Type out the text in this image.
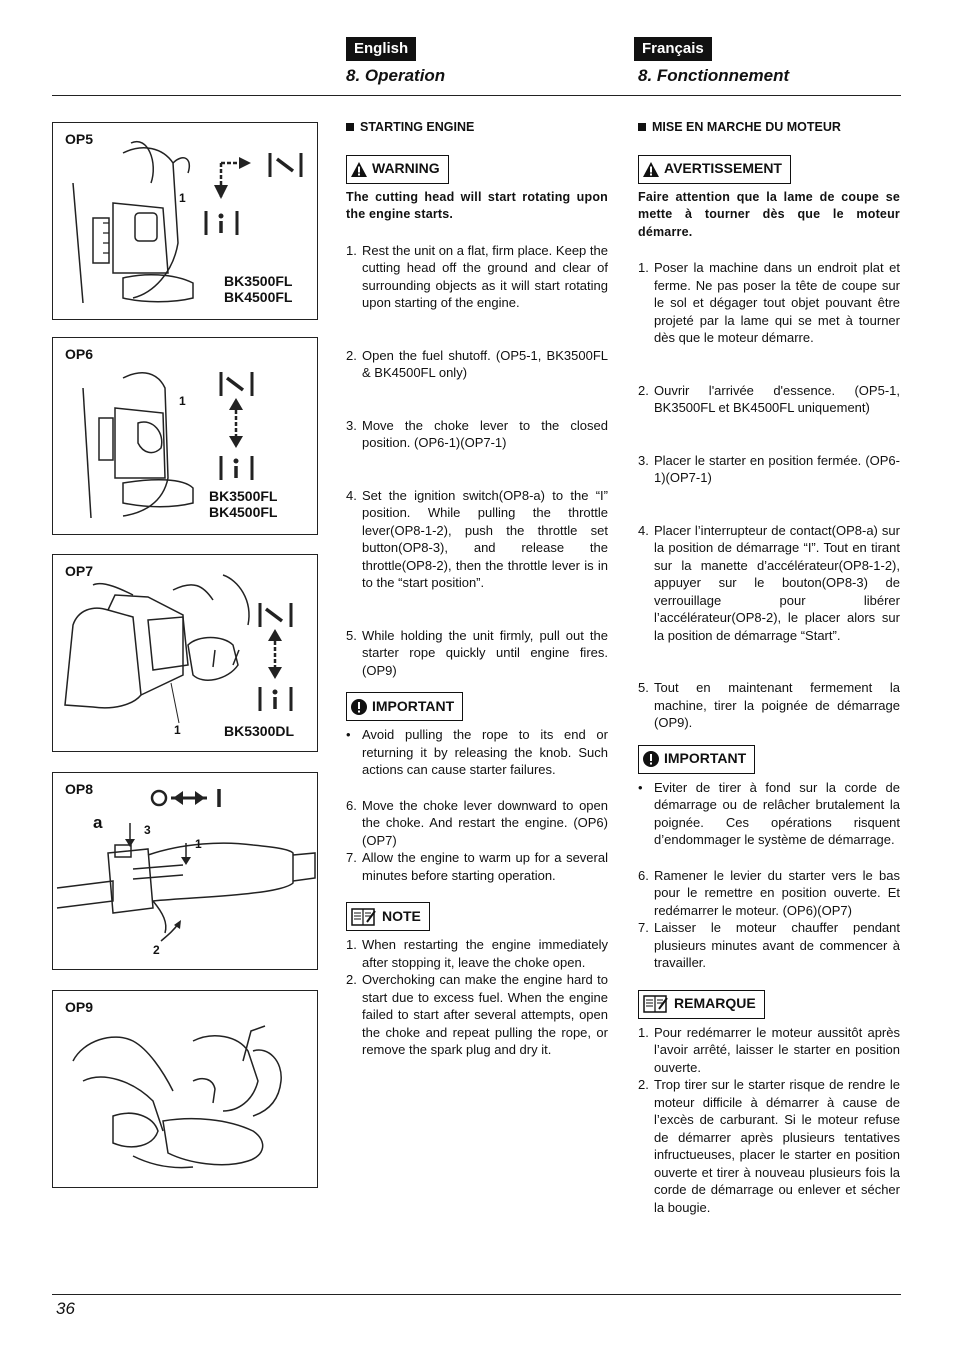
English	Français
8. Operation	8. Fonctionnement
OP5
1
BK3500FL
BK4500FL
OP6
1
BK3500FL
BK4500FL
OP7
1	BK5300DL
OP8
a	3
1
2
OP9
STARTING ENGINE
WARNING
The cutting head will start rotating upon the engine starts.
1. Rest the unit on a flat, firm place. Keep the cutting head off the ground and clear of surrounding objects as it will start rotating upon starting of the engine.
2. Open the fuel shutoff. (OP5-1, BK3500FL & BK4500FL only)
3. Move the choke lever to the closed position. (OP6-1)(OP7-1)
4. Set the ignition switch(OP8-a) to the “I” position. While pulling the throttle lever(OP8-1-2), push the throttle set button(OP8-3), and release the throttle(OP8-2), then the throttle lever is in to the “start position”.
5. While holding the unit firmly, pull out the starter rope quickly until engine fires. (OP9)
IMPORTANT
• Avoid pulling the rope to its end or returning it by releasing the knob. Such actions can cause starter failures.
6. Move the choke lever downward to open the choke. And restart the engine. (OP6)(OP7)
7. Allow the engine to warm up for a several minutes before starting operation.
NOTE
1. When restarting the engine immediately after stopping it, leave the choke open.
2. Overchoking can make the engine hard to start due to excess fuel. When the engine failed to start after several attempts, open the choke and repeat pulling the rope, or remove the spark plug and dry it.
MISE EN MARCHE DU MOTEUR
AVERTISSEMENT
Faire attention que la lame de coupe se mette à tourner dès que le moteur démarre.
1. Poser la machine dans un endroit plat et ferme. Ne pas poser la tête de coupe sur le sol et dégager tout objet pouvant être projeté par la lame qui se met à tourner dès que le moteur démarre.
2. Ouvrir l'arrivée d'essence. (OP5-1, BK3500FL et BK4500FL uniquement)
3. Placer le starter en position fermée. (OP6-1)(OP7-1)
4. Placer l’interrupteur de contact(OP8-a) sur la position de démarrage “I”. Tout en tirant sur la manette d’accélérateur(OP8-1-2), appuyer sur le bouton(OP8-3) de verrouillage pour libérer l’accélérateur(OP8-2), le placer alors sur la position de démarrage “Start”.
5. Tout en maintenant fermement la machine, tirer la poignée de démarrage (OP9).
IMPORTANT
• Eviter de tirer à fond sur la corde de démarrage ou de relâcher brutalement la poignée. Ces opérations risquent d’endommager le système de démarrage.
6. Ramener le levier du starter vers le bas pour le remettre en position ouverte. Et redémarrer le moteur. (OP6)(OP7)
7. Laisser le moteur chauffer pendant plusieurs minutes avant de commencer à travailler.
REMARQUE
1. Pour redémarrer le moteur aussitôt après l’avoir arrêté, laisser le starter en position ouverte.
2. Trop tirer sur le starter risque de rendre le moteur difficile à démarrer à cause de l’excès de carburant. Si le moteur refuse de démarrer après plusieurs tentatives infructueuses, placer le starter en position ouverte et tirer à nouveau plusieurs fois la corde de démarrage ou enlever et sécher la bougie.
36
